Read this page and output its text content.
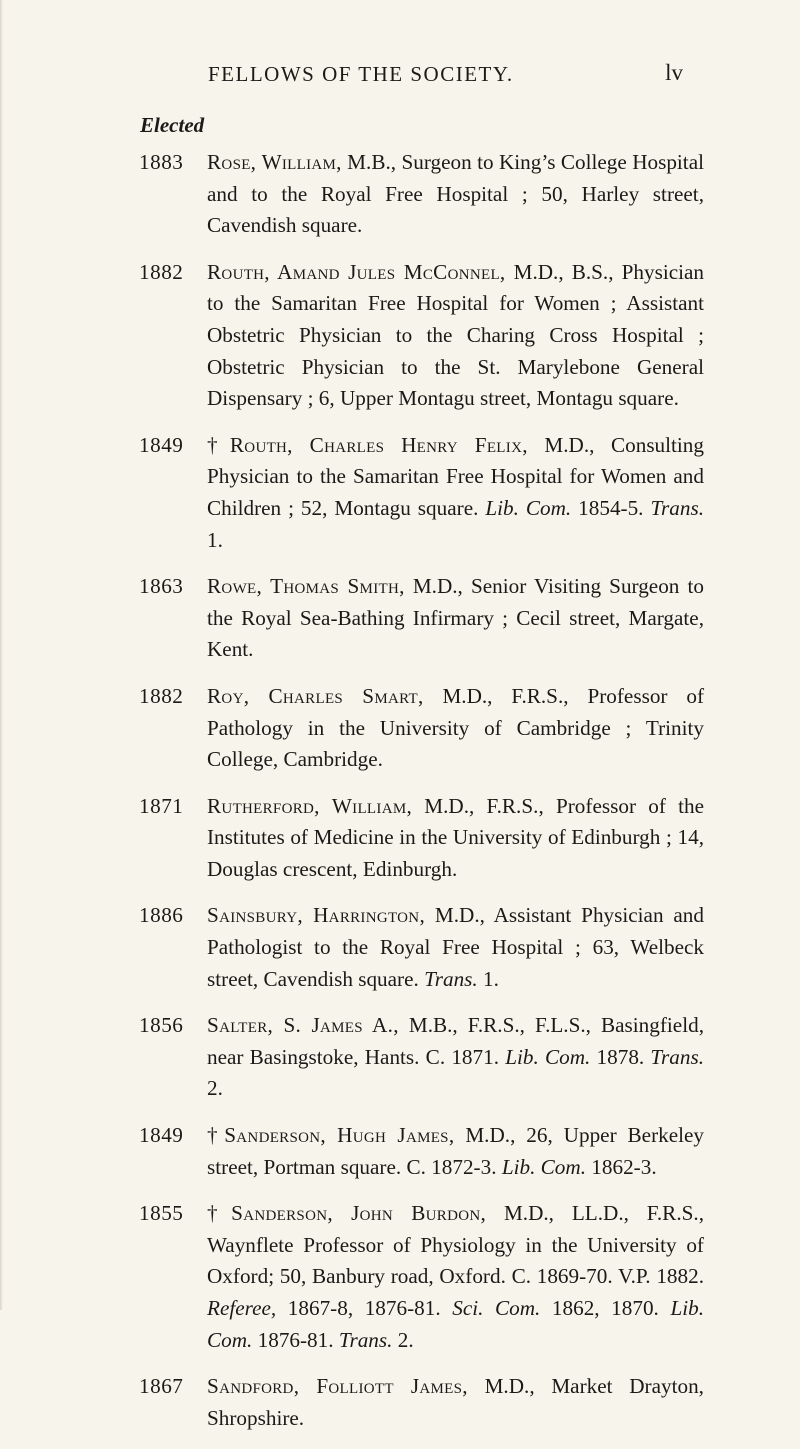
FELLOWS OF THE SOCIETY.	lv
Elected
1883	Rose, William, M.B., Surgeon to King’s College Hospital and to the Royal Free Hospital ; 50, Harley street, Cavendish square.
1882	Routh, Amand Jules McConnel, M.D., B.S., Physician to the Samaritan Free Hospital for Women ; Assistant Obstetric Physician to the Charing Cross Hospital ; Obstetric Physician to the St. Marylebone General Dispensary ; 6, Upper Montagu street, Montagu square.
1849	†Routh, Charles Henry Felix, M.D., Consulting Physician to the Samaritan Free Hospital for Women and Children ; 52, Montagu square. Lib. Com. 1854-5. Trans. 1.
1863	Rowe, Thomas Smith, M.D., Senior Visiting Surgeon to the Royal Sea-Bathing Infirmary ; Cecil street, Margate, Kent.
1882	Roy, Charles Smart, M.D., F.R.S., Professor of Pathology in the University of Cambridge ; Trinity College, Cambridge.
1871	Rutherford, William, M.D., F.R.S., Professor of the Institutes of Medicine in the University of Edinburgh ; 14, Douglas crescent, Edinburgh.
1886	Sainsbury, Harrington, M.D., Assistant Physician and Pathologist to the Royal Free Hospital ; 63, Welbeck street, Cavendish square. Trans. 1.
1856	Salter, S. James A., M.B., F.R.S., F.L.S., Basingfield, near Basingstoke, Hants. C. 1871. Lib. Com. 1878. Trans. 2.
1849	†Sanderson, Hugh James, M.D., 26, Upper Berkeley street, Portman square. C. 1872-3. Lib. Com. 1862-3.
1855	†Sanderson, John Burdon, M.D., LL.D., F.R.S., Waynflete Professor of Physiology in the University of Oxford; 50, Banbury road, Oxford. C. 1869-70. V.P. 1882. Referee, 1867-8, 1876-81. Sci. Com. 1862, 1870. Lib. Com. 1876-81. Trans. 2.
1867	Sandford, Folliott James, M.D., Market Drayton, Shropshire.
